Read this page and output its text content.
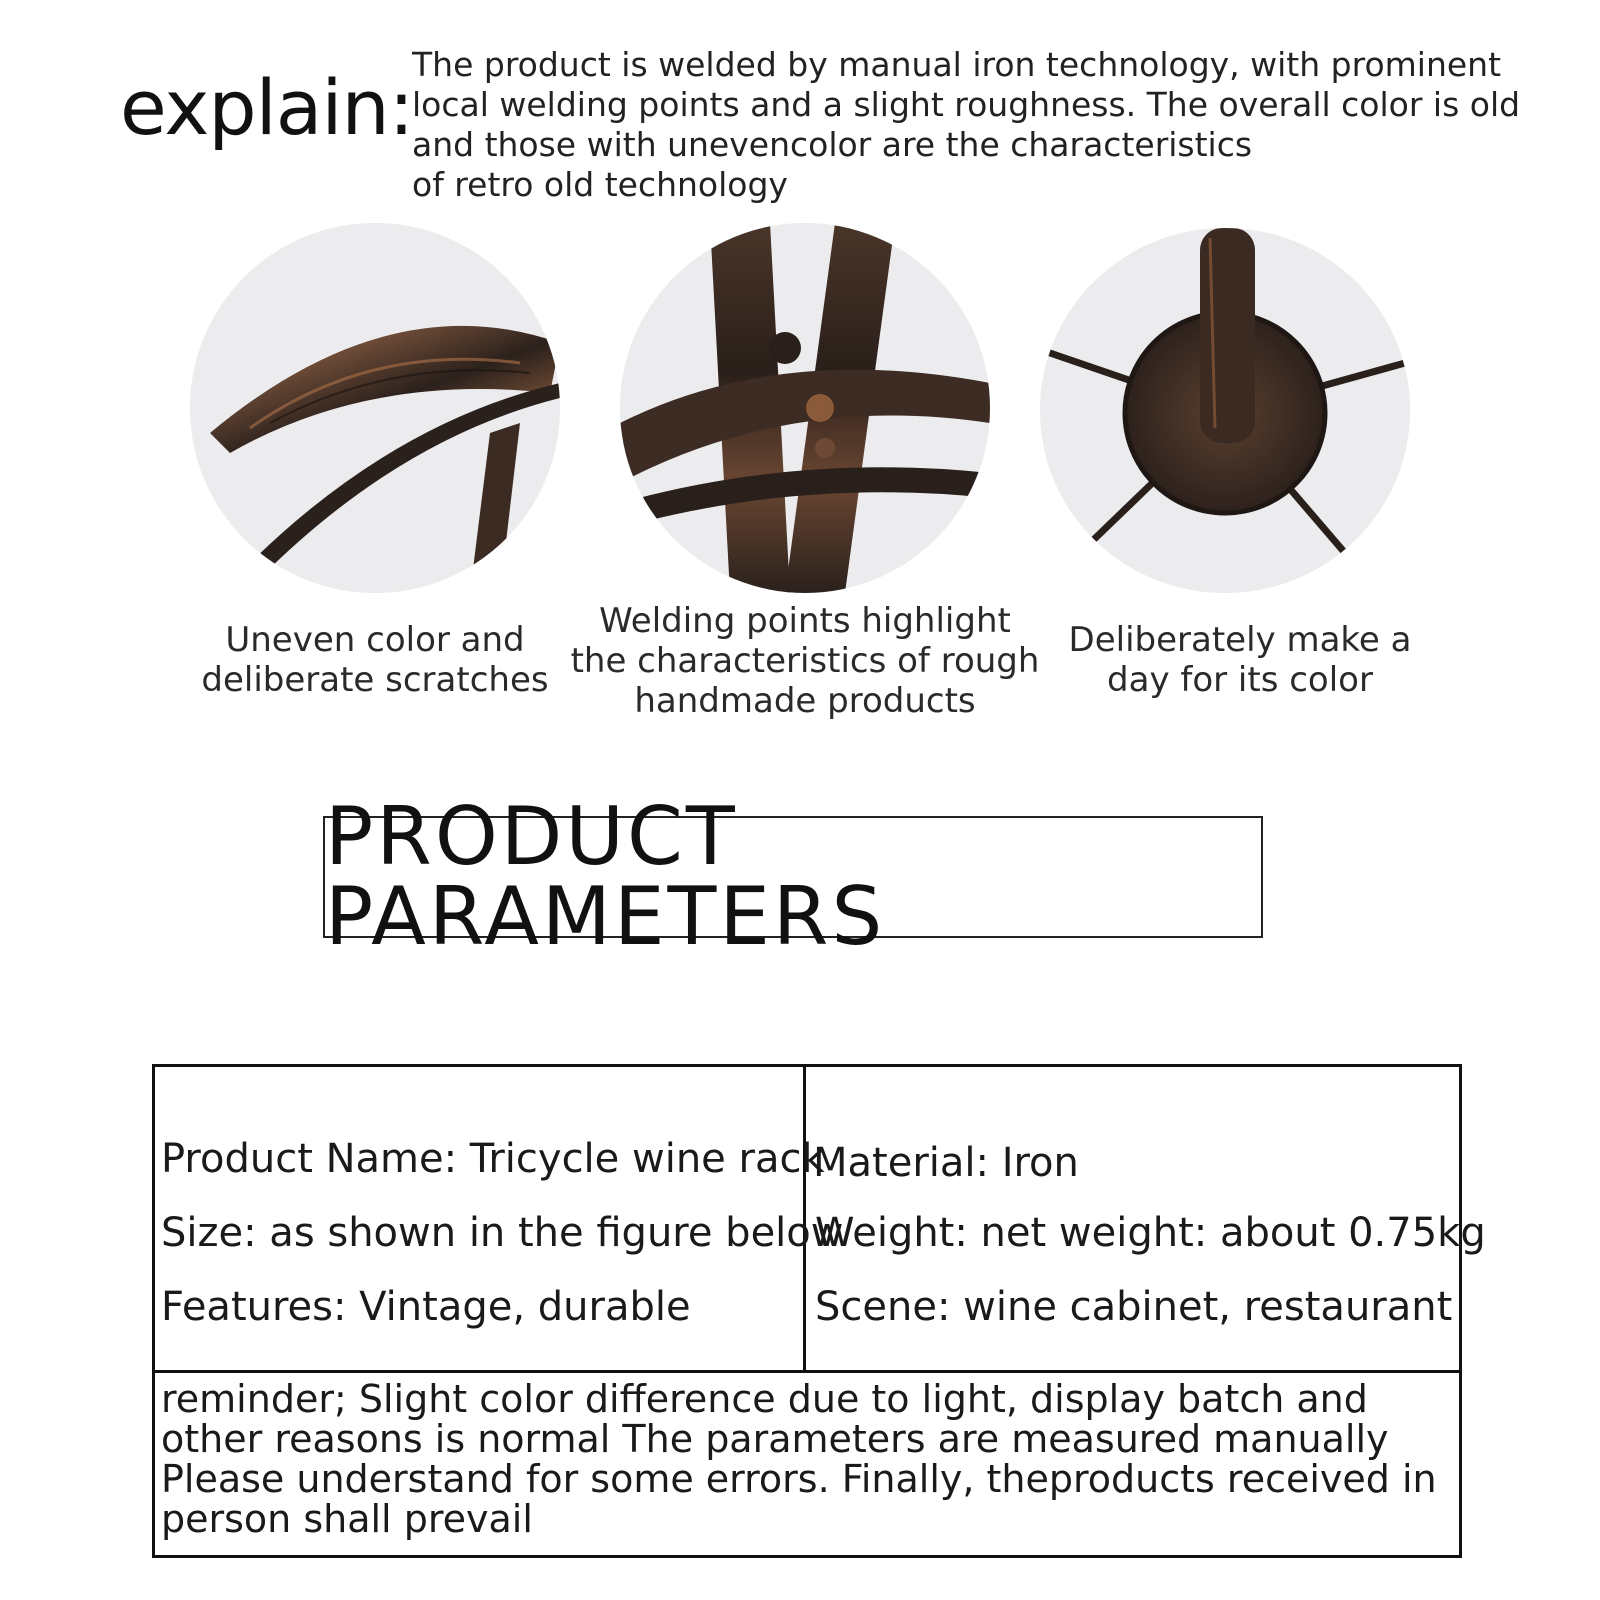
explain:
The product is welded by manual iron technology, with prominent
local welding points and a slight roughness. The overall color is old
and those with unevencolor are the characteristics
of retro old technology
Uneven color and
deliberate scratches
Welding points highlight
the characteristics of rough
handmade products
Deliberately make a
day for its color
PRODUCT PARAMETERS
Product Name: Tricycle wine rack
Size: as shown in the figure below
Features: Vintage, durable
Material: Iron
Weight: net weight: about 0.75kg
Scene: wine cabinet, restaurant
reminder; Slight color difference due to light, display batch and
other reasons is normal The parameters are measured manually
Please understand for some errors. Finally, theproducts received in
person shall prevail
